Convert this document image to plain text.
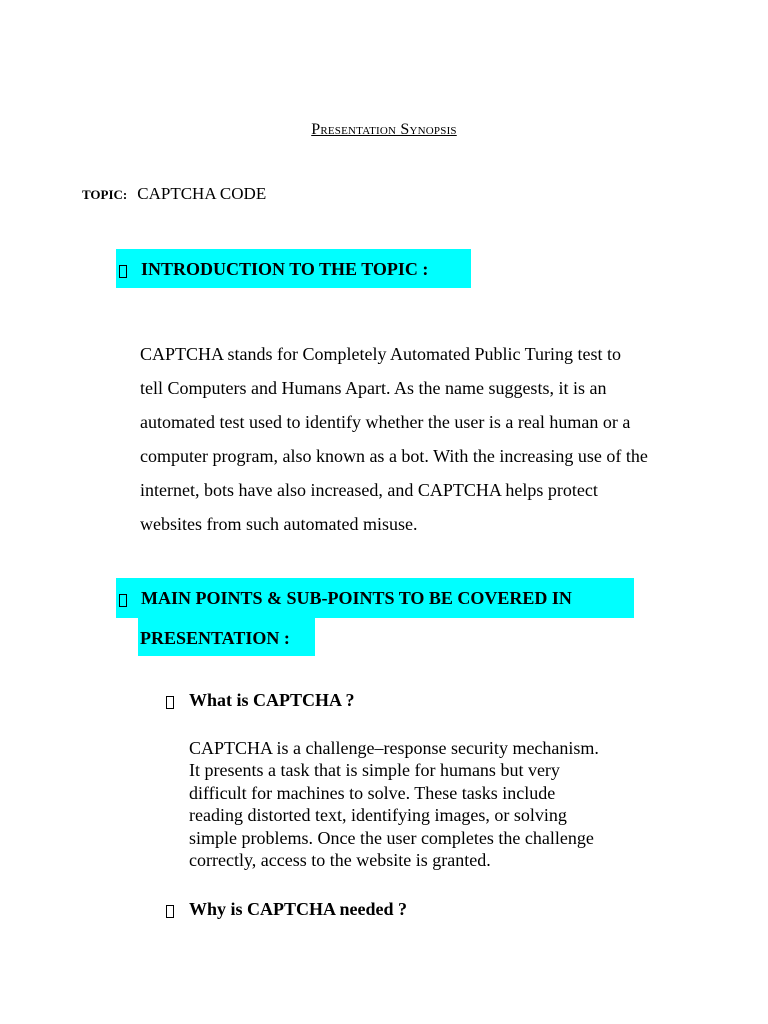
Presentation Synopsis
TOPIC: CAPTCHA CODE
INTRODUCTION TO THE TOPIC :
CAPTCHA stands for Completely Automated Public Turing test to
tell Computers and Humans Apart. As the name suggests, it is an
automated test used to identify whether the user is a real human or a
computer program, also known as a bot. With the increasing use of the
internet, bots have also increased, and CAPTCHA helps protect
websites from such automated misuse.
MAIN POINTS & SUB-POINTS TO BE COVERED IN
PRESENTATION :
What is CAPTCHA ?
CAPTCHA is a challenge–response security mechanism.
It presents a task that is simple for humans but very
difficult for machines to solve. These tasks include
reading distorted text, identifying images, or solving
simple problems. Once the user completes the challenge
correctly, access to the website is granted.
Why is CAPTCHA needed ?
